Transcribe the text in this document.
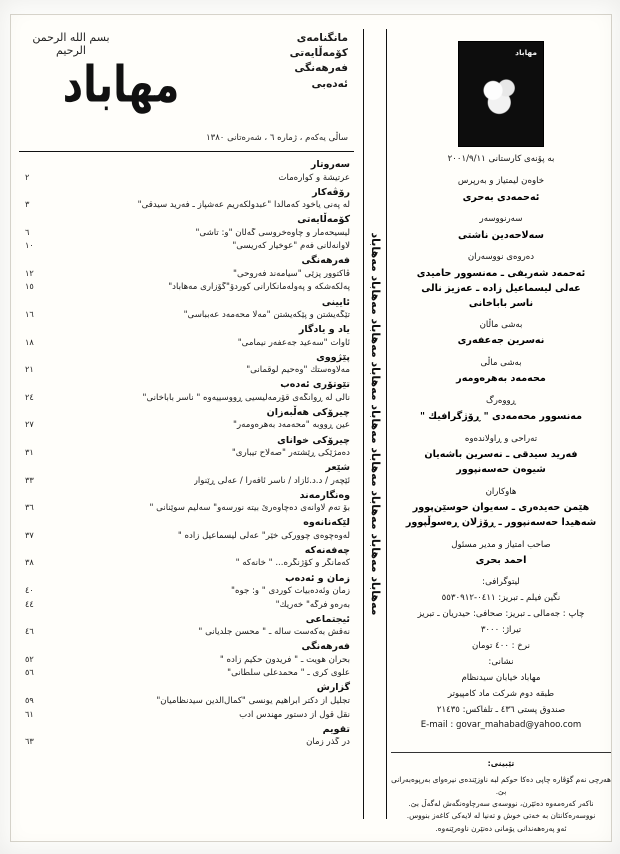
بسم الله الرحمن الرحيم
مانگنامەی
كۆمەڵايەتی
فەرهەنگی
ئەدەبی
مهاباد
ساڵی یەكەم ، ژمارە ٦ ، شەرەتانی ١٣٨٠
سەروتار
عرتيشة و كوارەمات
٢
رۆڤەكار
لە پەنى یاخود كەمالدا "عبدولكەریم عەشپاز ـ فەرید سیدقی"
٣
كۆمەڵایەتی
لیسیحەمار و چاوەخروسی گەڵان "و: تاشی"
٦
لاوانەڵانی فەم "عوخیار كەریسی"
١٠
فەرهەنگی
ڤاكتوور پزێی "سیامەند فەروحی"
١٢
پەلكەشكە و پەولەمانكارانی كوردۆ"گۆزاری مەهاباد"
١٥
ئایینی
تێگەیشتن و پێكەیشتن "مەلا محەمەد عەبباسی"
١٦
یاد و یادگار
ئاوات "سەعید جەعفەر نیمامی"
١٨
پێژووی
مەلاوەستك "وەحیم لوقمانی"
٢١
تێوتۆری ئەدەب
نالی لە ڕوانگەی قۆرمەلیسیی ڕووسییەوە " ناسر باباخانی"
٢٤
چیرۆكی هەڵبەزان
عین ڕووبە "محەمەد بەهرەومەر"
٢٧
چیرۆكی خوانای
دەمژێكی ڕێشتەر "صەلاح تیباری"
٣١
شێعر
ئێچەر / د.د.ئازاد / ناسر ئافەرا / عەلی ڕێنوار
٣٣
وەنگارمەند
بۆ تەم لاوانەی دەچاوەرێ بیتە نورسەو" سەلیم سوێنانی "
٣٦
لێكەنانەوە
لەوەچوەی چووركی خێر" عەلی لیسماعیل زادە "
٣٧
چەفەنەكە
كەمانگر و كۆژنگرە... " خانەكە "
٣٨
زمان و ئەدەب
زمان وئەدەبیات كوردی " و: جوە"
٤٠
بەرەو فرگە" خەریك"
٤٤
ئیجتماعی
نەقش بەكەست سالە ـ " محسن جلدیانی "
٤٦
فەرهەنگی
بحران هویت ـ " فریدون حكیم زاده "
٥٢
علوی كری ـ " محمدعلی سلطانی"
٥٦
گزارش
تجلیل از دكتر ابراهیم یونسی "كمال‌الدین سیدنظامیان"
٥٩
نقل قول از دستور مهندس ادب
٦١
تقویم
در گذر زمان
٦٣
مەهاباد مەهاباد مەهاباد مەهاباد مەهاباد مەهاباد مەهاباد مەهاباد مەهاباد
مهاباد
به پۆنەی كارستانی ٢٠٠١/٩/١١
خاوەن لیمتیاز و بەرپرس
ئەحمەدی بەحری
سەرنووسەر
سەلاحەدین ناشتی
دەروەی نووسەران
ئەحمەد شەریفی ـ مەنسوور حامیدی
عەلی لیسماعیل زادە ـ عەزیز نالی
ناسر باباخانی
بەشی ماڵان
نەسرین جەعفەری
بەشی ماڵی
محەمەد بەهرەومەر
ڕووەرگ
مەنسوور محەمەدی " ڕۆژگرافیك "
تەراحی و ڕاولاندەوە
فەرید سیدقی ـ نەسرین باشەیان
شیوەن حەسەنپوور
هاوكاران
هێمن حەیدەری ـ سەیوان حوسێن‌پوور
شەهیدا حەسەنپوور ـ ڕۆژلان ڕەسوڵپوور
صاحب امتیاز و مدیر مسئول
احمد بحری
لیتوگرافی:
نگین فیلم ـ تبریز: ٠٤١١-٥٥٣٠٩١٢
چاپ : جەمالی ـ تبریز: صحافی: حیدریان ـ تبریز
تیراژ: ٣٠٠٠
نرخ : ٤٠٠ تومان
نشانی:
مهاباد خیابان سیدنظام
طبقه دوم شركت ماد كامپیوتر
صندوق پستی ٤٣٦ ـ تلفاكس: ٢١٤٣٥
E-mail : govar_mahabad@yahoo.com
تێبینی:
هەرچی نەم گۆڤارە چاپی دەكا حوكم لبە ناوزێندەی نیرەوای بەرپوەبەرانی بێ.
ناكەر كەرەمەوە دەئێرن، نووسەی سەرچاوەنگەش لەگەڵ بێ.
نووسەرەكانتان بە خەتی خوش و تەنیا لە لایەكی كاغەز بنووس.
ئەو پەرەهەندانی یۆمانی دەنێرن ناوەرێنەوە.
